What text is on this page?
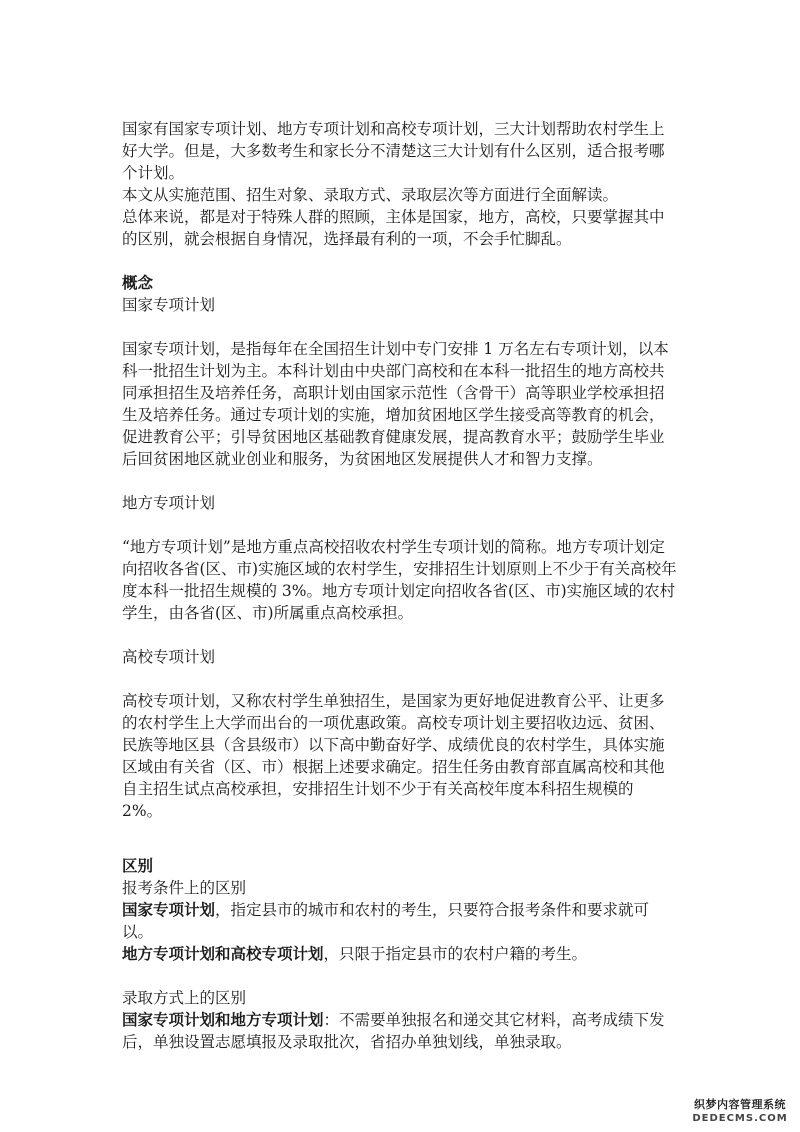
国家有国家专项计划、地方专项计划和高校专项计划，三大计划帮助农村学生上好大学。但是，大多数考生和家长分不清楚这三大计划有什么区别，适合报考哪个计划。

本文从实施范围、招生对象、录取方式、录取层次等方面进行全面解读。

总体来说，都是对于特殊人群的照顾，主体是国家，地方，高校，只要掌握其中的区别，就会根据自身情况，选择最有利的一项，不会手忙脚乱。

概念

国家专项计划

国家专项计划，是指每年在全国招生计划中专门安排 1 万名左右专项计划，以本科一批招生计划为主。本科计划由中央部门高校和在本科一批招生的地方高校共同承担招生及培养任务，高职计划由国家示范性（含骨干）高等职业学校承担招生及培养任务。通过专项计划的实施，增加贫困地区学生接受高等教育的机会，促进教育公平；引导贫困地区基础教育健康发展，提高教育水平；鼓励学生毕业后回贫困地区就业创业和服务，为贫困地区发展提供人才和智力支撑。

地方专项计划

“地方专项计划”是地方重点高校招收农村学生专项计划的简称。地方专项计划定向招收各省(区、市)实施区域的农村学生，安排招生计划原则上不少于有关高校年度本科一批招生规模的 3%。地方专项计划定向招收各省(区、市)实施区域的农村学生，由各省(区、市)所属重点高校承担。

高校专项计划

高校专项计划，又称农村学生单独招生，是国家为更好地促进教育公平、让更多的农村学生上大学而出台的一项优惠政策。高校专项计划主要招收边远、贫困、民族等地区县（含县级市）以下高中勤奋好学、成绩优良的农村学生，具体实施区域由有关省（区、市）根据上述要求确定。招生任务由教育部直属高校和其他自主招生试点高校承担，安排招生计划不少于有关高校年度本科招生规模的 2%。

区别

报考条件上的区别

国家专项计划，指定县市的城市和农村的考生，只要符合报考条件和要求就可以。

地方专项计划和高校专项计划，只限于指定县市的农村户籍的考生。

录取方式上的区别

国家专项计划和地方专项计划：不需要单独报名和递交其它材料，高考成绩下发后，单独设置志愿填报及录取批次，省招办单独划线，单独录取。

织梦内容管理系统
DEDECMS.COM
